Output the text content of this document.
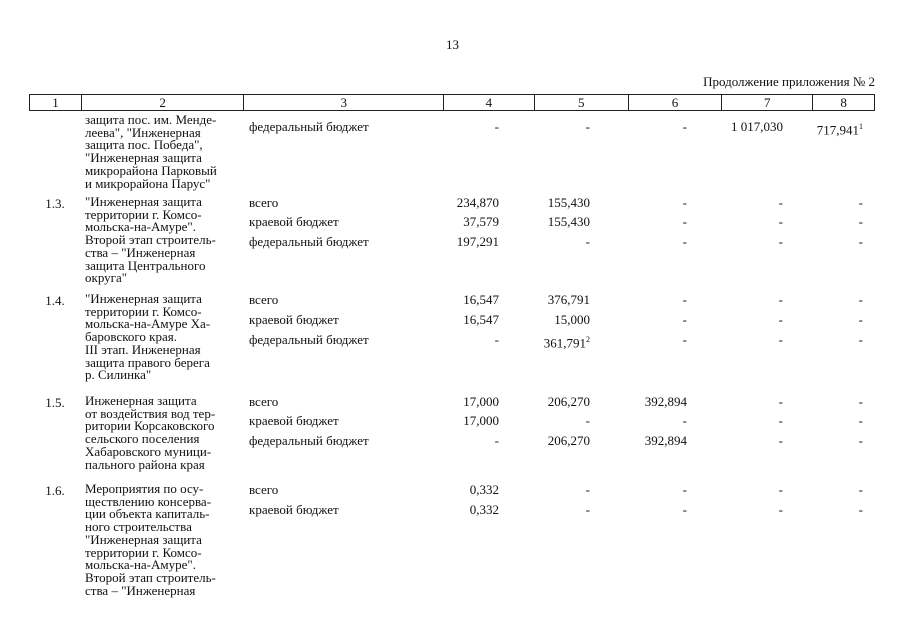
13
Продолжение приложения № 2
1	2	3	4	5	6	7	8
защита пос. им. Менде-
леева", "Инженерная
защита пос. Победа",
"Инженерная защита
микрорайона Парковый
и микрорайона Парус"
федеральный бюджет	-	-	-	1 017,030	717,941$^1$
1.3.	"Инженерная защита
территории г. Комсо-
мольска-на-Амуре".
Второй этап строитель-
ства – "Инженерная
защита Центрального
округа"
всего	234,870	155,430	-	-	-
краевой бюджет	37,579	155,430	-	-	-
федеральный бюджет	197,291	-	-	-	-
1.4.	"Инженерная защита
территории г. Комсо-
мольска-на-Амуре Ха-
баровского края.
III этап. Инженерная
защита правого берега
р. Силинка"
всего	16,547	376,791	-	-	-
краевой бюджет	16,547	15,000	-	-	-
федеральный бюджет	-	361,791$^2$	-	-	-
1.5.	Инженерная защита
от воздействия вод тер-
ритории Корсаковского
сельского поселения
Хабаровского муници-
пального района края
всего	17,000	206,270	392,894	-	-
краевой бюджет	17,000	-	-	-	-
федеральный бюджет	-	206,270	392,894	-	-
1.6.	Мероприятия по осу-
ществлению консерва-
ции объекта капиталь-
ного строительства
"Инженерная защита
территории г. Комсо-
мольска-на-Амуре".
Второй этап строитель-
ства – "Инженерная
всего	0,332	-	-	-	-
краевой бюджет	0,332	-	-	-	-
